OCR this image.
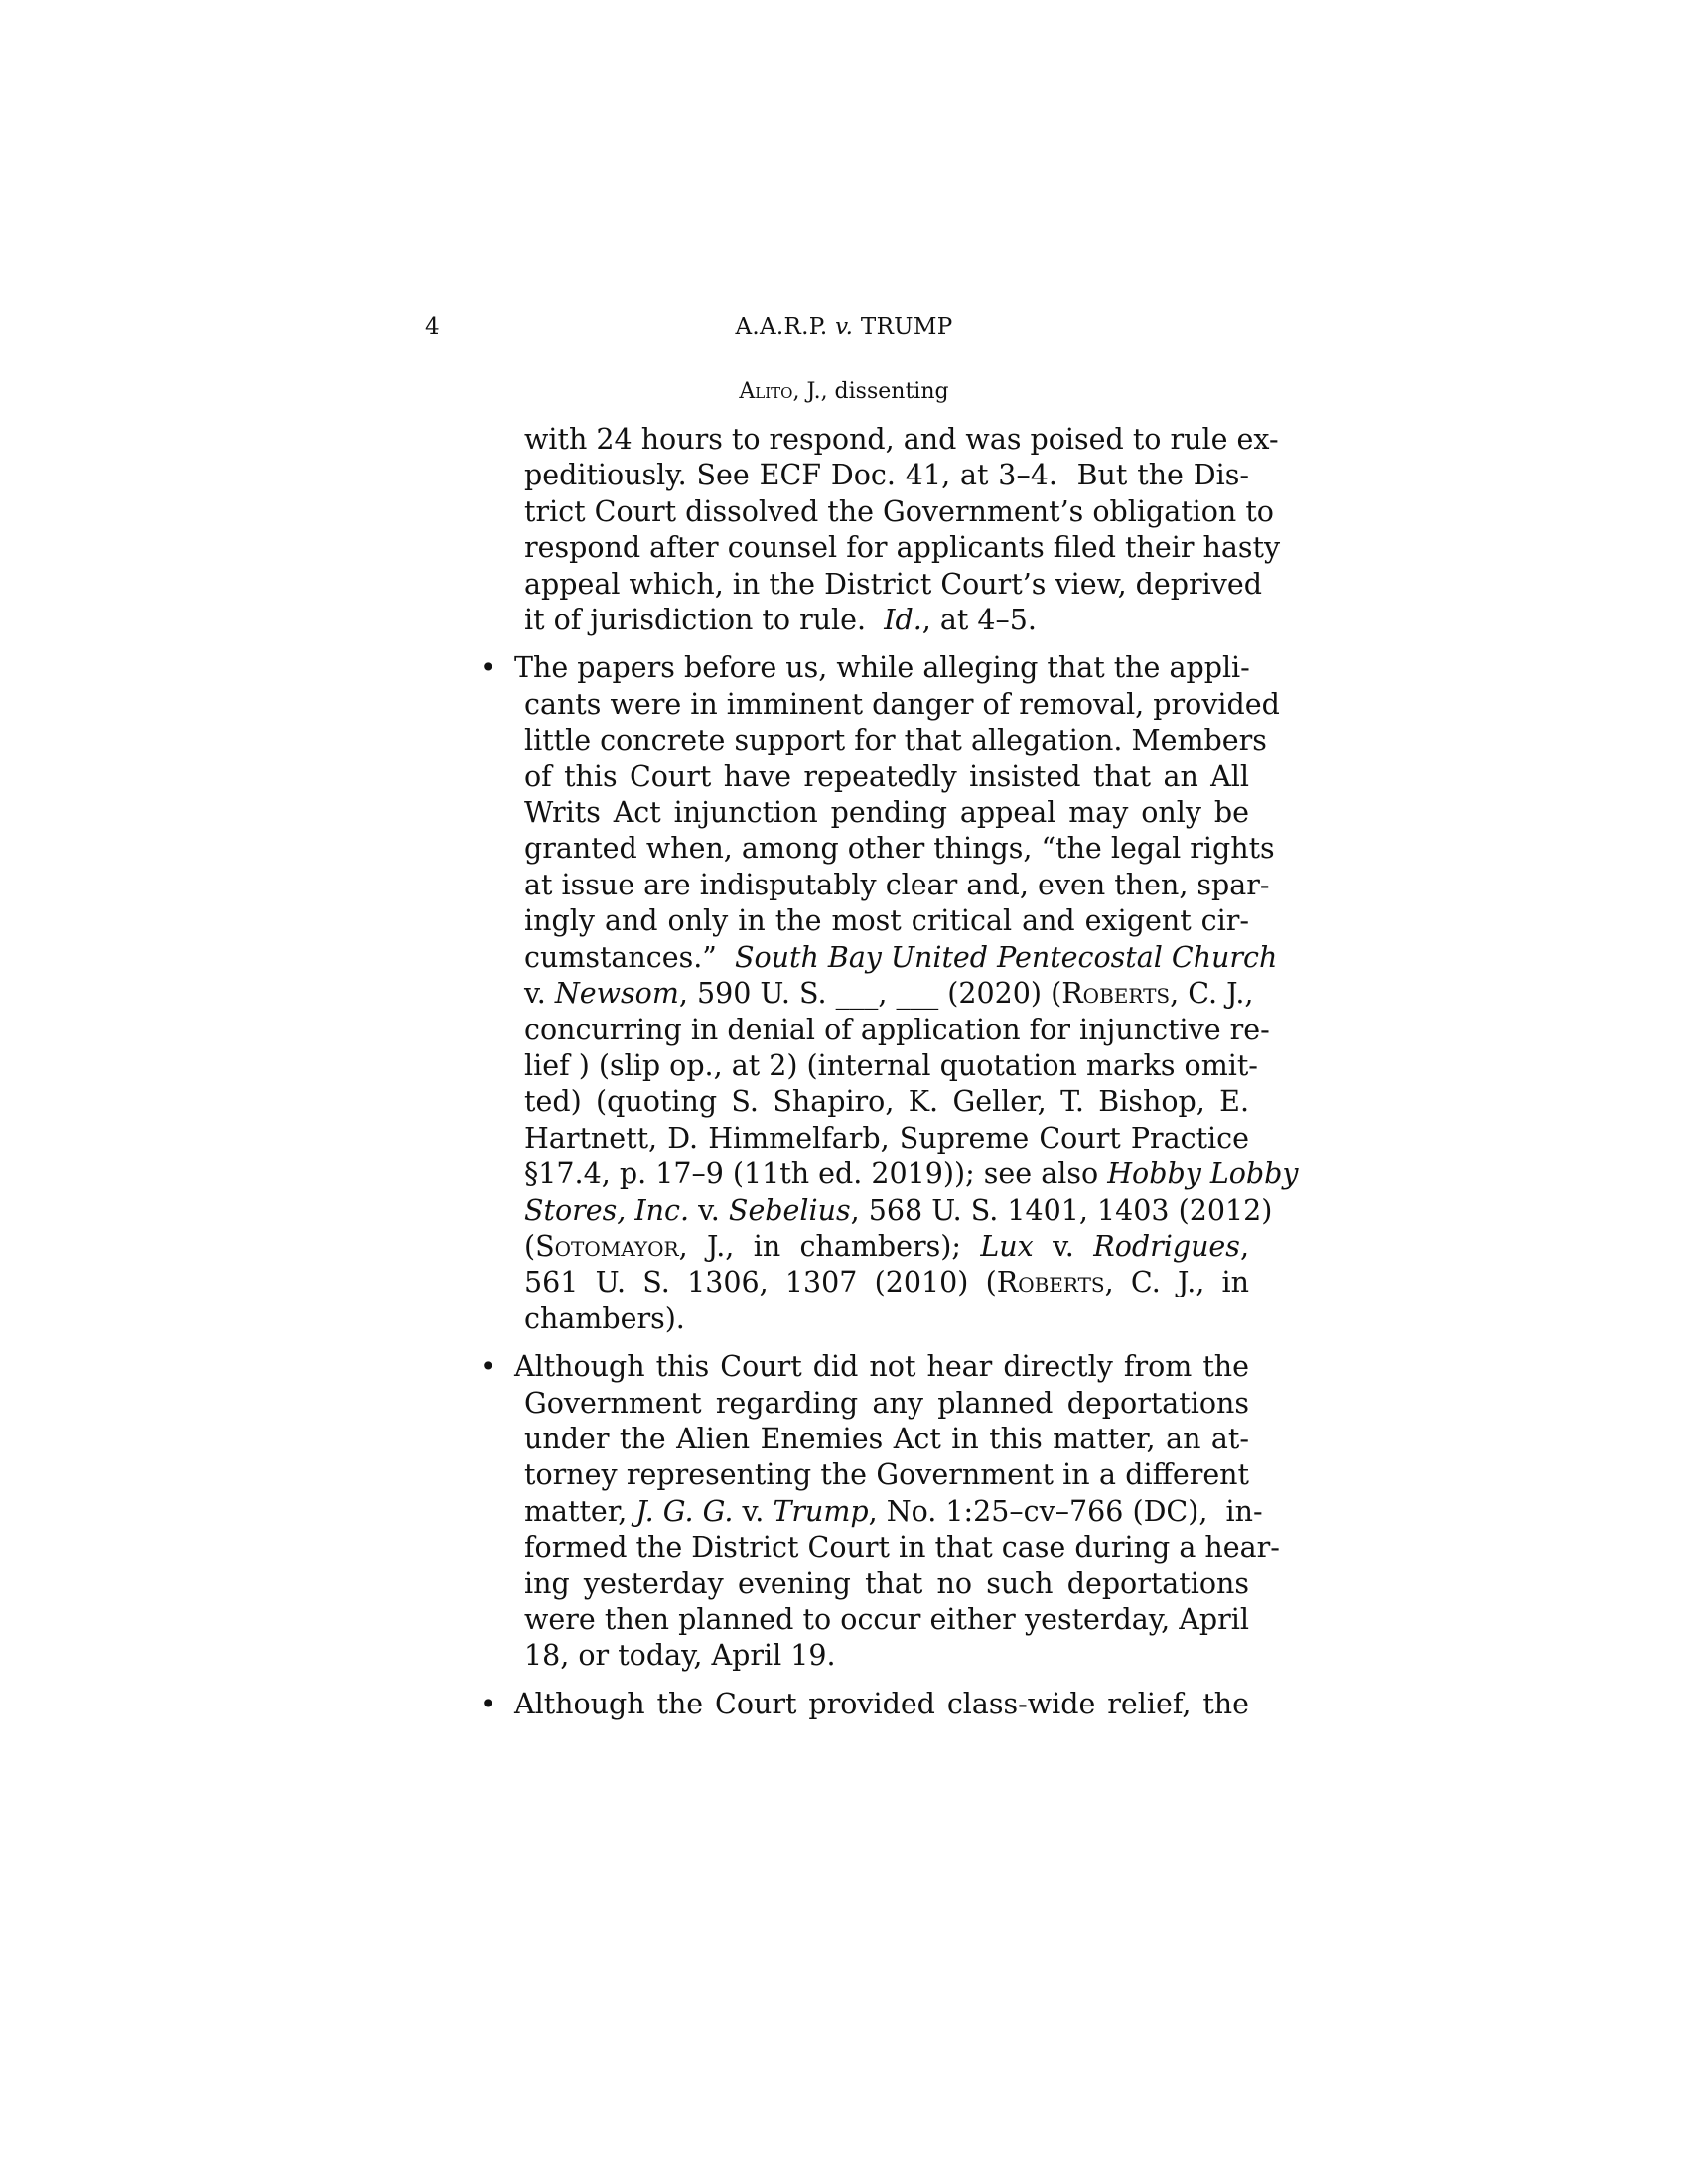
4	A.A.R.P. v. TRUMP
Alito, J., dissenting
with 24 hours to respond, and was poised to rule ex-
peditiously. See ECF Doc. 41, at 3–4.  But the Dis-
trict Court dissolved the Government’s obligation to
respond after counsel for applicants filed their hasty
appeal which, in the District Court’s view, deprived
it of jurisdiction to rule.  Id., at 4–5.
• The papers before us, while alleging that the appli-
cants were in imminent danger of removal, provided
little concrete support for that allegation. Members
of this Court have repeatedly insisted that an All
Writs Act injunction pending appeal may only be
granted when, among other things, “the legal rights
at issue are indisputably clear and, even then, spar-
ingly and only in the most critical and exigent cir-
cumstances.”  South Bay United Pentecostal Church
v. Newsom, 590 U. S. ___, ___ (2020) (Roberts, C. J.,
concurring in denial of application for injunctive re-
lief ) (slip op., at 2) (internal quotation marks omit-
ted) (quoting S. Shapiro, K. Geller, T. Bishop, E.
Hartnett, D. Himmelfarb, Supreme Court Practice
§17.4, p. 17–9 (11th ed. 2019)); see also Hobby Lobby
Stores, Inc. v. Sebelius, 568 U. S. 1401, 1403 (2012)
(Sotomayor, J., in chambers); Lux v. Rodrigues,
561 U. S. 1306, 1307 (2010) (Roberts, C. J., in
chambers).
• Although this Court did not hear directly from the
Government regarding any planned deportations
under the Alien Enemies Act in this matter, an at-
torney representing the Government in a different
matter, J. G. G. v. Trump, No. 1:25–cv–766 (DC),  in-
formed the District Court in that case during a hear-
ing yesterday evening that no such deportations
were then planned to occur either yesterday, April
18, or today, April 19.
• Although the Court provided class-wide relief, the
